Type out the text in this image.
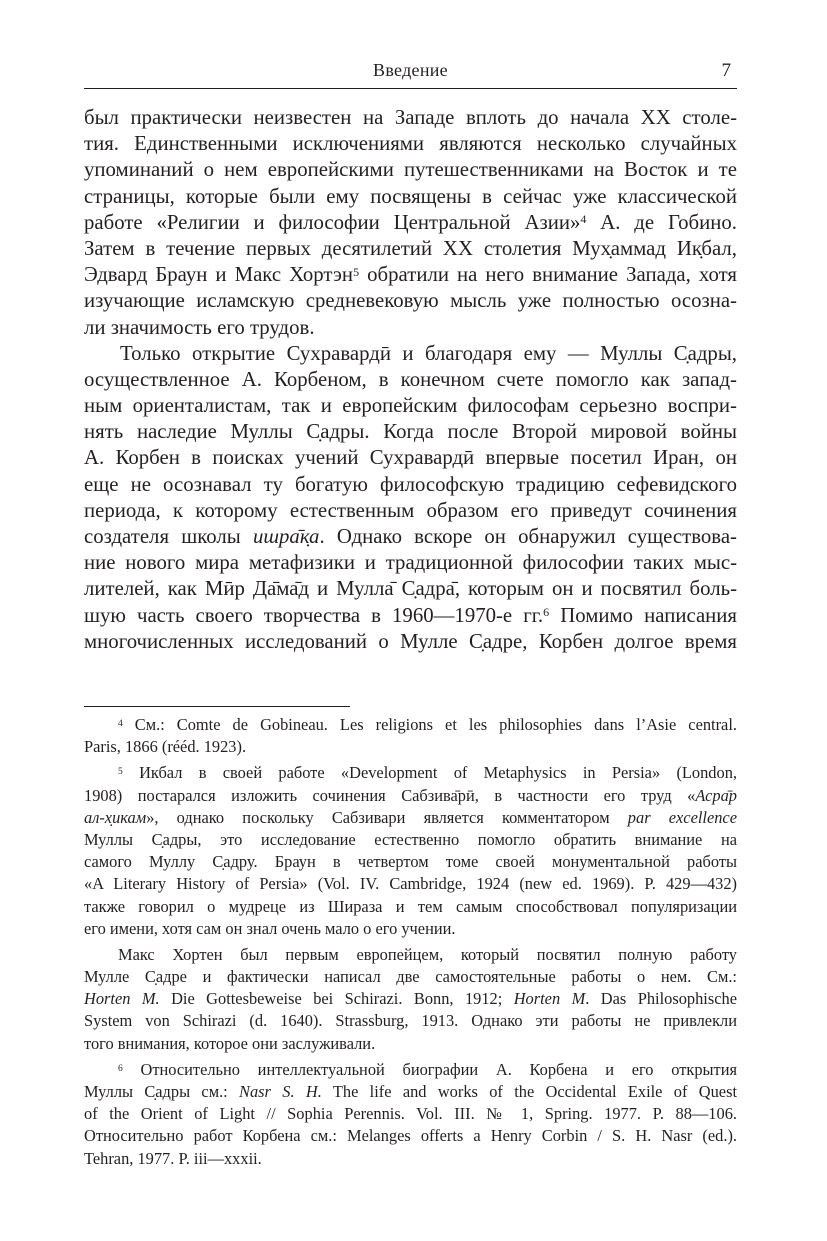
Введение	7
был практически неизвестен на Западе вплоть до начала XX столе-
тия. Единственными исключениями являются несколько случайных
упоминаний о нем европейскими путешественниками на Восток и те
страницы, которые были ему посвящены в сейчас уже классической
работе «Религии и философии Центральной Азии»$^4$ А. де Гобино.
Затем в течение первых десятилетий XX столетия Мух̣аммад Ик̣бал,
Эдвард Браун и Макс Хортэн$^5$ обратили на него внимание Запада, хотя
изучающие исламскую средневековую мысль уже полностью осозна-
ли значимость его трудов.
Только открытие Сухравардӣ и благодаря ему — Муллы С̣адры,
осуществленное А. Корбеном, в конечном счете помогло как запад-
ным ориенталистам, так и европейским философам серьезно воспри-
нять наследие Муллы С̣адры. Когда после Второй мировой войны
А. Корбен в поисках учений Сухравардӣ впервые посетил Иран, он
еще не осознавал ту богатую философскую традицию сефевидского
периода, к которому естественным образом его приведут сочинения
создателя школы ишра̄к̣а. Однако вскоре он обнаружил существова-
ние нового мира метафизики и традиционной философии таких мыс-
лителей, как Мӣр Да̄ма̄д и Мулла̄ С̣адра̄, которым он и посвятил боль-
шую часть своего творчества в 1960—1970-е гг.$^6$ Помимо написания
многочисленных исследований о Мулле С̣адре, Корбен долгое время
$^4$ См.: Comte de Gobineau. Les religions et les philosophies dans l’Asie central.
Paris, 1866 (rééd. 1923).
$^5$ Икбал в своей работе «Development of Metaphysics in Persia» (London,
1908) постарался изложить сочинения Сабзива̄рӣ, в частности его труд «Асра̄р
ал-х̣икам», однако поскольку Сабзивари является комментатором par excellence
Муллы С̣адры, это исследование естественно помогло обратить внимание на
самого Муллу С̣адру. Браун в четвертом томе своей монументальной работы
«A Literary History of Persia» (Vol. IV. Cambridge, 1924 (new ed. 1969). P. 429—432)
также говорил о мудреце из Шираза и тем самым способствовал популяризации
его имени, хотя сам он знал очень мало о его учении.
Макс Хортен был первым европейцем, который посвятил полную работу
Мулле С̣адре и фактически написал две самостоятельные работы о нем. См.:
Horten M. Die Gottesbeweise bei Schirazi. Bonn, 1912; Horten M. Das Philosophische
System von Schirazi (d. 1640). Strassburg, 1913. Однако эти работы не привлекли
того внимания, которое они заслуживали.
$^6$ Относительно интеллектуальной биографии А. Корбена и его открытия
Муллы С̣адры см.: Nasr S. H. The life and works of the Occidental Exile of Quest
of the Orient of Light // Sophia Perennis. Vol. III. № 1, Spring. 1977. P. 88—106.
Относительно работ Корбена см.: Melanges offerts a Henry Corbin / S. H. Nasr (ed.).
Tehran, 1977. P. iii—xxxii.
